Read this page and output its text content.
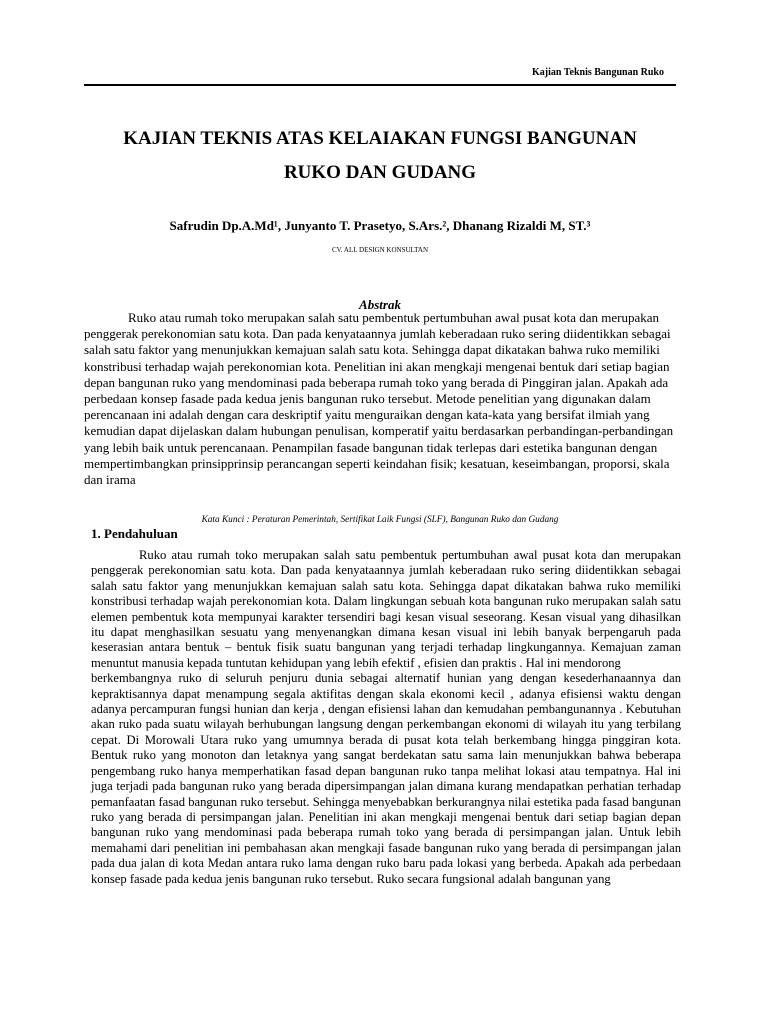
Kajian Teknis Bangunan Ruko
KAJIAN TEKNIS ATAS KELAIAKAN FUNGSI BANGUNAN
RUKO DAN GUDANG
Safrudin Dp.A.Md¹, Junyanto T. Prasetyo, S.Ars.², Dhanang Rizaldi M, ST.³
CV. ALL DESIGN KONSULTAN
Abstrak

Ruko atau rumah toko merupakan salah satu pembentuk pertumbuhan awal pusat kota dan merupakan penggerak perekonomian satu kota. Dan pada kenyataannya jumlah keberadaan ruko sering diidentikkan sebagai salah satu faktor yang menunjukkan kemajuan salah satu kota. Sehingga dapat dikatakan bahwa ruko memiliki konstribusi terhadap wajah perekonomian kota. Penelitian ini akan mengkaji mengenai bentuk dari setiap bagian depan bangunan ruko yang mendominasi pada beberapa rumah toko yang berada di Pinggiran jalan. Apakah ada perbedaan konsep fasade pada kedua jenis bangunan ruko tersebut. Metode penelitian yang digunakan dalam perencanaan ini adalah dengan cara deskriptif yaitu menguraikan dengan kata-kata yang bersifat ilmiah yang kemudian dapat dijelaskan dalam hubungan penulisan, komperatif yaitu berdasarkan perbandingan-perbandingan yang lebih baik untuk perencanaan. Penampilan fasade bangunan tidak terlepas dari estetika bangunan dengan mempertimbangkan prinsipprinsip perancangan seperti keindahan fisik; kesatuan, keseimbangan, proporsi, skala dan irama

Kata Kunci : Peraturan Pemerintah, Sertifikat Laik Fungsi (SLF), Bangunan Ruko dan Gudang
1. Pendahuluan

Ruko atau rumah toko merupakan salah satu pembentuk pertumbuhan awal pusat kota dan merupakan penggerak perekonomian satu kota. Dan pada kenyataannya jumlah keberadaan ruko sering diidentikkan sebagai salah satu faktor yang menunjukkan kemajuan salah satu kota. Sehingga dapat dikatakan bahwa ruko memiliki konstribusi terhadap wajah perekonomian kota. Dalam lingkungan sebuah kota bangunan ruko merupakan salah satu elemen pembentuk kota mempunyai karakter tersendiri bagi kesan visual seseorang. Kesan visual yang dihasilkan itu dapat menghasilkan sesuatu yang menyenangkan dimana kesan visual ini lebih banyak berpengaruh pada keserasian antara bentuk – bentuk fisik suatu bangunan yang terjadi terhadap lingkungannya. Kemajuan zaman menuntut manusia kepada tuntutan kehidupan yang lebih efektif , efisien dan praktis . Hal ini mendorong

berkembangnya ruko di seluruh penjuru dunia sebagai alternatif hunian yang dengan kesederhanaannya dan kepraktisannya dapat menampung segala aktifitas dengan skala ekonomi kecil , adanya efisiensi waktu dengan adanya percampuran fungsi hunian dan kerja , dengan efisiensi lahan dan kemudahan pembangunannya . Kebutuhan akan ruko pada suatu wilayah berhubungan langsung dengan perkembangan ekonomi di wilayah itu yang terbilang cepat. Di Morowali Utara ruko yang umumnya berada di pusat kota telah berkembang hingga pinggiran kota. Bentuk ruko yang monoton dan letaknya yang sangat berdekatan satu sama lain menunjukkan bahwa beberapa pengembang ruko hanya memperhatikan fasad depan bangunan ruko tanpa melihat lokasi atau tempatnya. Hal ini juga terjadi pada bangunan ruko yang berada dipersimpangan jalan dimana kurang mendapatkan perhatian terhadap pemanfaatan fasad bangunan ruko tersebut. Sehingga menyebabkan berkurangnya nilai estetika pada fasad bangunan ruko yang berada di persimpangan jalan. Penelitian ini akan mengkaji mengenai bentuk dari setiap bagian depan bangunan ruko yang mendominasi pada beberapa rumah toko yang berada di persimpangan jalan. Untuk lebih memahami dari penelitian ini pembahasan akan mengkaji fasade bangunan ruko yang berada di persimpangan jalan pada dua jalan di kota Medan antara ruko lama dengan ruko baru pada lokasi yang berbeda. Apakah ada perbedaan konsep fasade pada kedua jenis bangunan ruko tersebut. Ruko secara fungsional adalah bangunan yang
